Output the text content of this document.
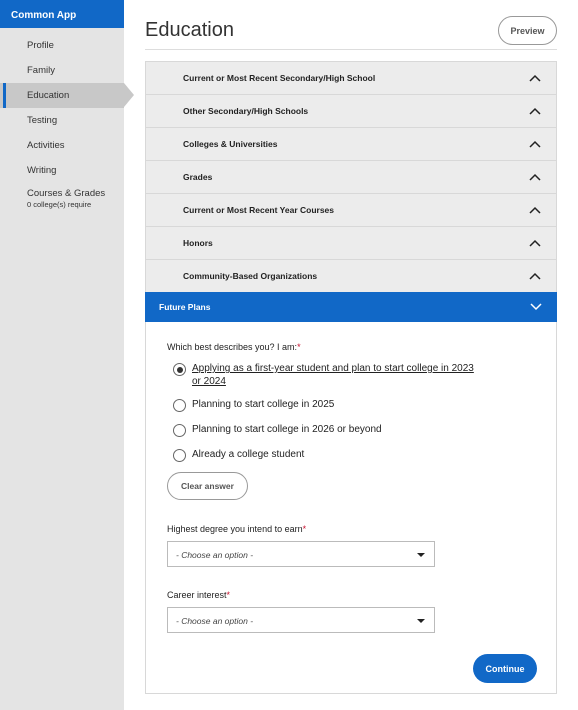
Common App
Profile
Family
Education
Testing
Activities
Writing
Courses & Grades
0 college(s) require
Education	Preview
Current or Most Recent Secondary/High School
Other Secondary/High Schools
Colleges & Universities
Grades
Current or Most Recent Year Courses
Honors
Community-Based Organizations
Future Plans
Which best describes you? I am:*
Applying as a first-year student and plan to start college in 2023 or 2024
Planning to start college in 2025
Planning to start college in 2026 or beyond
Already a college student
Clear answer
Highest degree you intend to earn*
- Choose an option -
Career interest*
- Choose an option -
Continue
